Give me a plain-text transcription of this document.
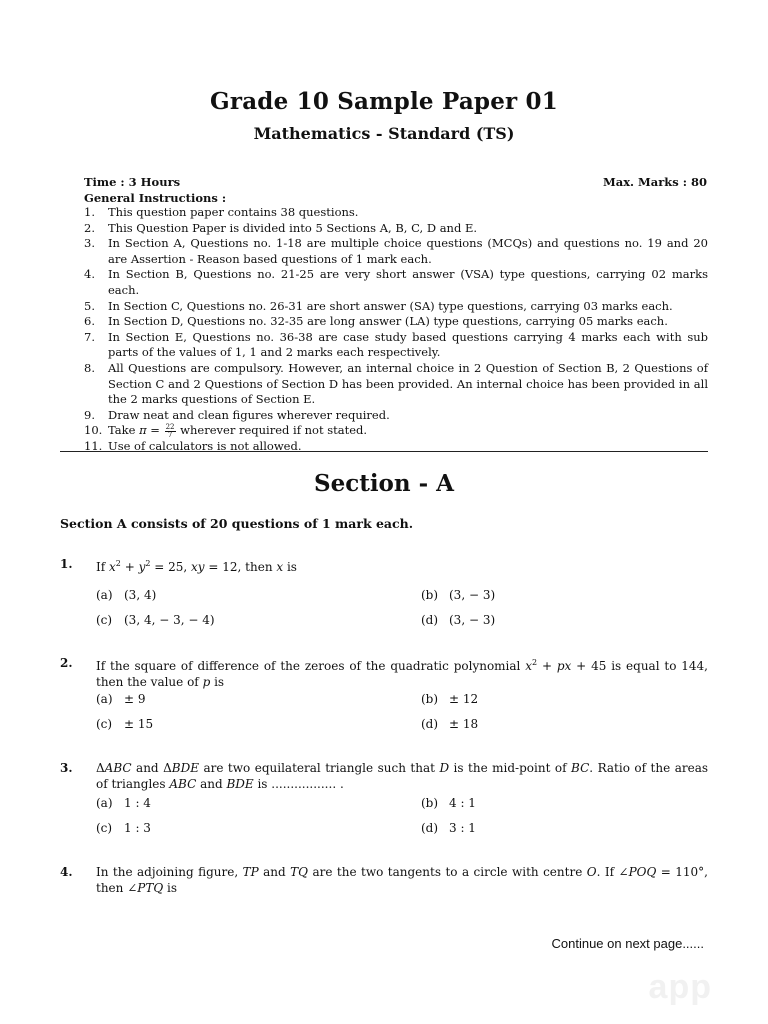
Grade 10 Sample Paper 01
Mathematics - Standard (TS)
Time : 3 Hours	Max. Marks : 80
General Instructions :
1. This question paper contains 38 questions.
2. This Question Paper is divided into 5 Sections A, B, C, D and E.
3. In Section A, Questions no. 1-18 are multiple choice questions (MCQs) and questions no. 19 and 20 are Assertion - Reason based questions of 1 mark each.
4. In Section B, Questions no. 21-25 are very short answer (VSA) type questions, carrying 02 marks each.
5. In Section C, Questions no. 26-31 are short answer (SA) type questions, carrying 03 marks each.
6. In Section D, Questions no. 32-35 are long answer (LA) type questions, carrying 05 marks each.
7. In Section E, Questions no. 36-38 are case study based questions carrying 4 marks each with sub parts of the values of 1, 1 and 2 marks each respectively.
8. All Questions are compulsory. However, an internal choice in 2 Question of Section B, 2 Questions of Section C and 2 Questions of Section D has been provided. An internal choice has been provided in all the 2 marks questions of Section E.
9. Draw neat and clean figures wherever required.
10. Take $\pi = \frac{22}{7}$ wherever required if not stated.
11. Use of calculators is not allowed.
Section - A
Section A consists of 20 questions of 1 mark each.
1. If $x^2 + y^2 = 25$, xy = 12, then x is
(a) (3, 4)	(b) (3, − 3)
(c) (3, 4, − 3, − 4)	(d) (3, − 3)
2. If the square of difference of the zeroes of the quadratic polynomial $x^2$ + px + 45 is equal to 144, then the value of p is
(a) ± 9	(b) ± 12
(c) ± 15	(d) ± 18
3. ΔABC and ΔBDE are two equilateral triangle such that D is the mid-point of BC. Ratio of the areas of triangles ABC and BDE is ................. .
(a) 1 : 4	(b) 4 : 1
(c) 1 : 3	(d) 3 : 1
4. In the adjoining figure, TP and TQ are the two tangents to a circle with centre O. If ∠POQ = 110°, then ∠PTQ is
Continue on next page......
app
